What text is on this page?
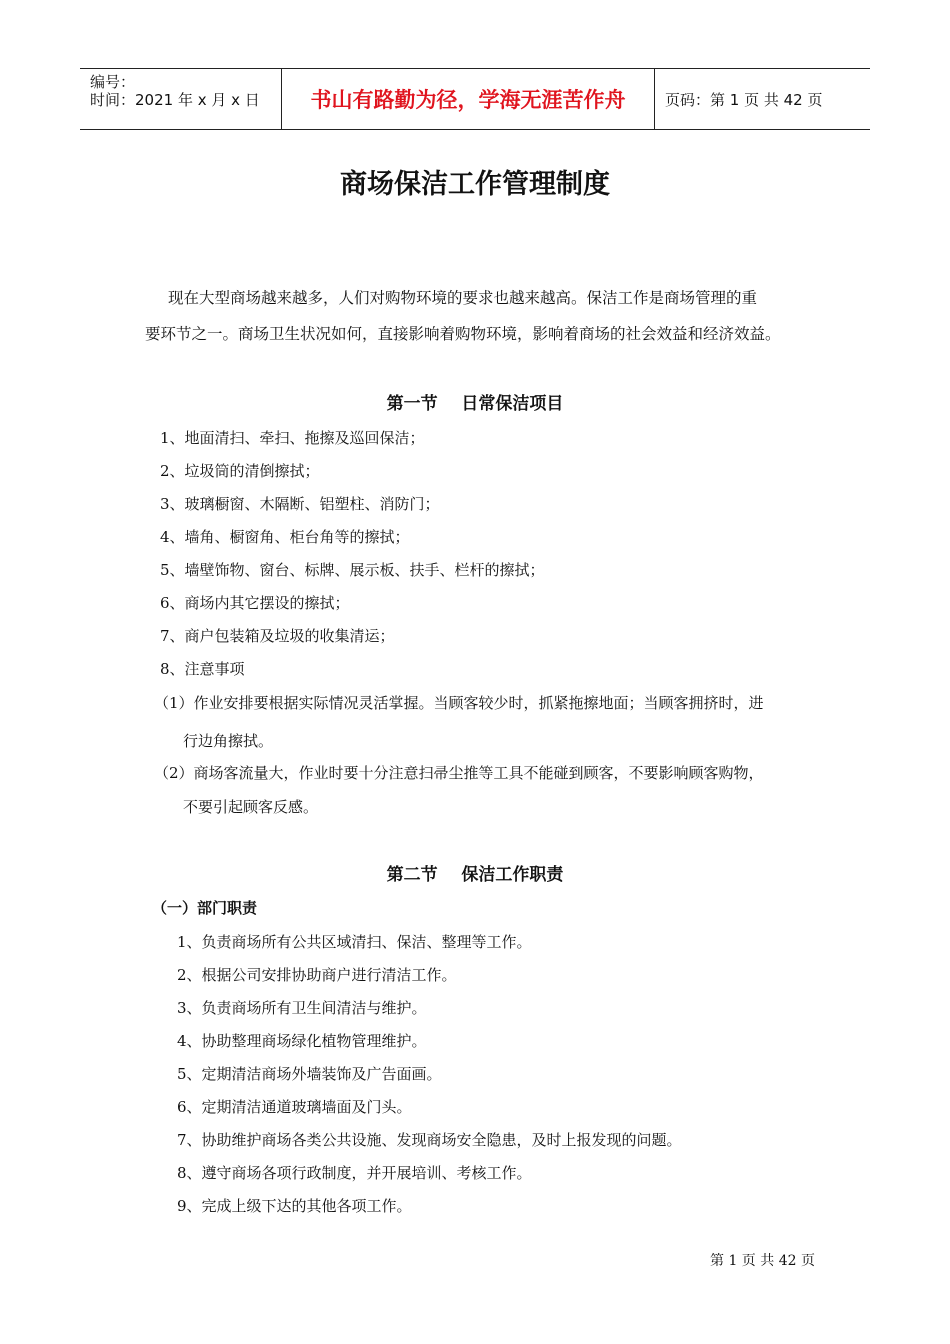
编号：
时间：2021 年 x 月 x 日	书山有路勤为径，学海无涯苦作舟	页码：第 1 页 共 42 页
商场保洁工作管理制度
现在大型商场越来越多，人们对购物环境的要求也越来越高。保洁工作是商场管理的重
要环节之一。商场卫生状况如何，直接影响着购物环境，影响着商场的社会效益和经济效益。
第一节    日常保洁项目
1、地面清扫、牵扫、拖擦及巡回保洁；
2、垃圾筒的清倒擦拭；
3、玻璃橱窗、木隔断、铝塑柱、消防门；
4、墙角、橱窗角、柜台角等的擦拭；
5、墙壁饰物、窗台、标牌、展示板、扶手、栏杆的擦拭；
6、商场内其它摆设的擦拭；
7、商户包装箱及垃圾的收集清运；
8、注意事项
（1）作业安排要根据实际情况灵活掌握。当顾客较少时，抓紧拖擦地面；当顾客拥挤时，进
行边角擦拭。
（2）商场客流量大，作业时要十分注意扫帚尘推等工具不能碰到顾客，不要影响顾客购物，
不要引起顾客反感。
第二节    保洁工作职责
（一）部门职责
1、负责商场所有公共区域清扫、保洁、整理等工作。
2、根据公司安排协助商户进行清洁工作。
3、负责商场所有卫生间清洁与维护。
4、协助整理商场绿化植物管理维护。
5、定期清洁商场外墙装饰及广告面画。
6、定期清洁通道玻璃墙面及门头。
7、协助维护商场各类公共设施、发现商场安全隐患，及时上报发现的问题。
8、遵守商场各项行政制度，并开展培训、考核工作。
9、完成上级下达的其他各项工作。
第 1 页 共 42 页
